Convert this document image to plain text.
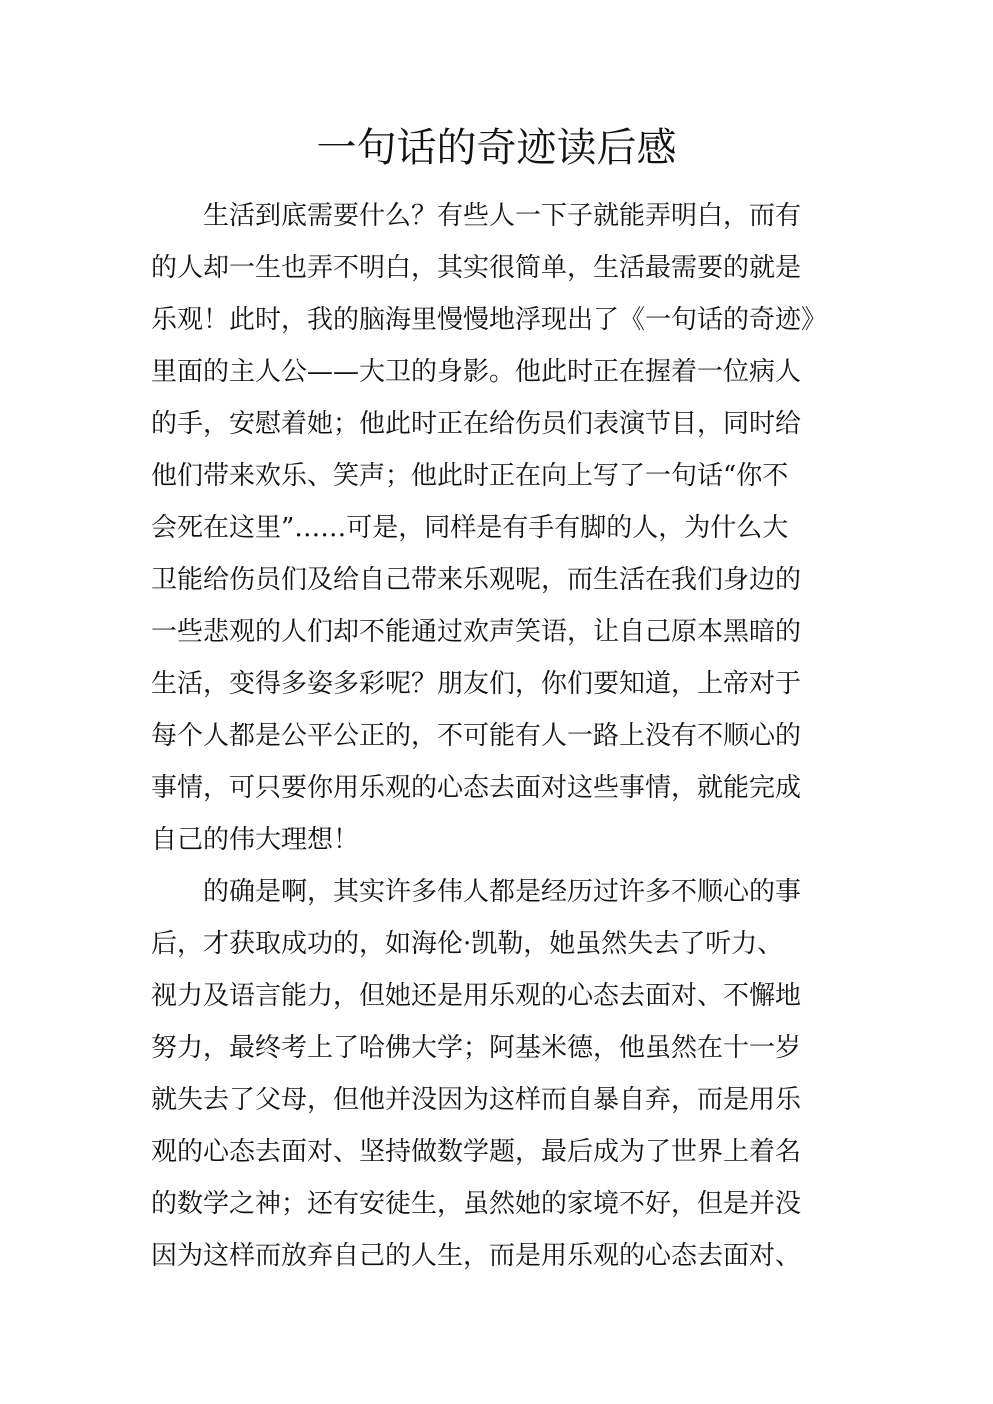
一句话的奇迹读后感

生活到底需要什么？有些人一下子就能弄明白，而有
的人却一生也弄不明白，其实很简单，生活最需要的就是
乐观！此时，我的脑海里慢慢地浮现出了《一句话的奇迹》
里面的主人公——大卫的身影。他此时正在握着一位病人
的手，安慰着她；他此时正在给伤员们表演节目，同时给
他们带来欢乐、笑声；他此时正在向上写了一句话“你不
会死在这里”……可是，同样是有手有脚的人，为什么大
卫能给伤员们及给自己带来乐观呢，而生活在我们身边的
一些悲观的人们却不能通过欢声笑语，让自己原本黑暗的
生活，变得多姿多彩呢？朋友们，你们要知道，上帝对于
每个人都是公平公正的，不可能有人一路上没有不顺心的
事情，可只要你用乐观的心态去面对这些事情，就能完成
自己的伟大理想！

的确是啊，其实许多伟人都是经历过许多不顺心的事
后，才获取成功的，如海伦·凯勒，她虽然失去了听力、
视力及语言能力，但她还是用乐观的心态去面对、不懈地
努力，最终考上了哈佛大学；阿基米德，他虽然在十一岁
就失去了父母，但他并没因为这样而自暴自弃，而是用乐
观的心态去面对、坚持做数学题，最后成为了世界上着名
的数学之神；还有安徒生，虽然她的家境不好，但是并没
因为这样而放弃自己的人生，而是用乐观的心态去面对、
